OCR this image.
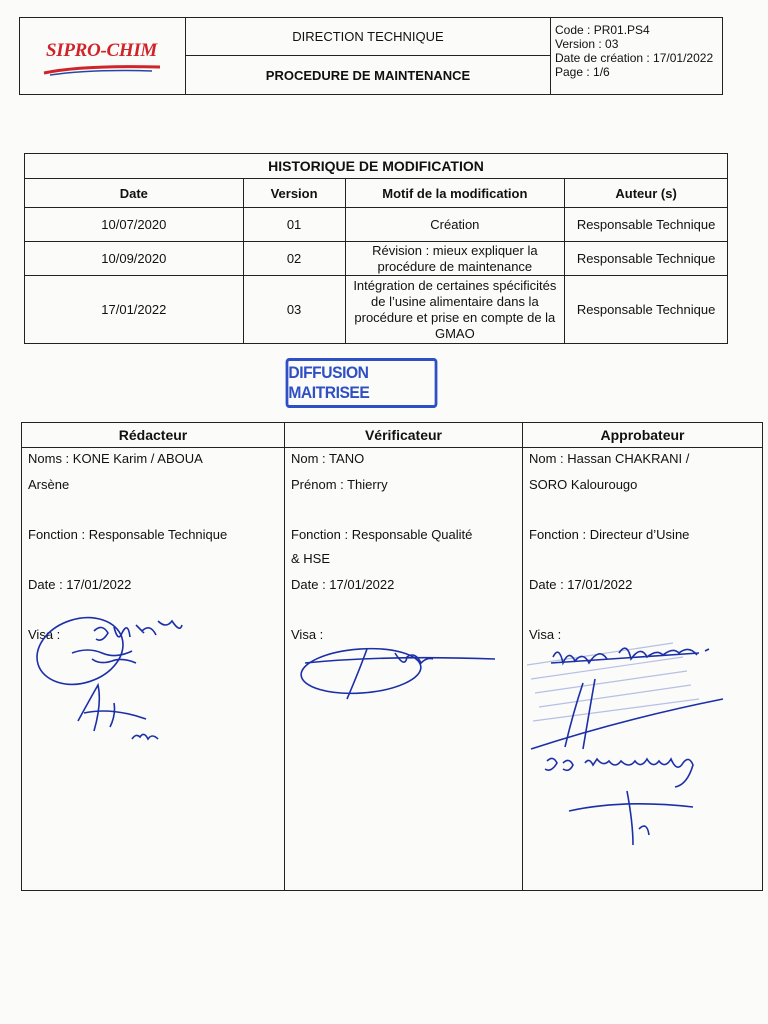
SIPRO-CHIM
DIRECTION TECHNIQUE
PROCEDURE DE MAINTENANCE
Code : PR01.PS4
Version : 03
Date de création : 17/01/2022
Page : 1/6
HISTORIQUE DE MODIFICATION			
Date	Version	Motif de la modification	Auteur (s)
10/07/2020	01	Création	Responsable Technique
10/09/2020	02	Révision : mieux expliquer la procédure de maintenance	Responsable Technique
17/01/2022	03	Intégration de certaines spécificités de l’usine alimentaire dans la procédure et prise en compte de la GMAO	Responsable Technique
DIFFUSION MAITRISEE
Rédacteur
Noms : KONE Karim / ABOUA
Arsène
Fonction : Responsable Technique
Date : 17/01/2022
Visa :
Vérificateur
Nom : TANO
Prénom : Thierry
Fonction : Responsable Qualité
& HSE
Date : 17/01/2022
Visa :
Approbateur
Nom : Hassan CHAKRANI /
SORO Kalourougo
Fonction : Directeur d’Usine
Date : 17/01/2022
Visa :
